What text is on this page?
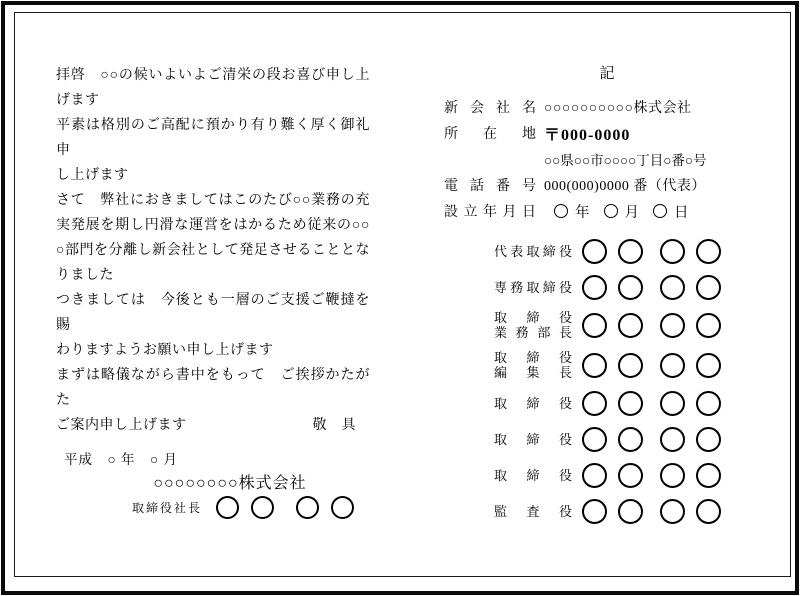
拝啓　○○の候いよいよご清栄の段お喜び申し上
げます
平素は格別のご高配に預かり有り難く厚く御礼申
し上げます
さて　弊社におきましてはこのたび○○業務の充
実発展を期し円滑な運営をはかるため従来の○○
○部門を分離し新会社として発足させることとな
りました
つきましては　今後とも一層のご支援ご鞭撻を賜
わりますようお願い申し上げます
まずは略儀ながら書中をもって　ご挨拶かたがた
ご案内申し上げます	敬　具
平成　○ 年　○ 月
○○○○○○○○株式会社
取締役社長
記
新会社名 ○○○○○○○○○○株式会社
所在地 〒000-0000
○○県○○市○○○○丁目○番○号
電話番号 000(000)0000 番（代表）
設立年月日	年 月 日
代表取締役
専務取締役
取締役
業務部長
取締役
編集長
取締役
取締役
取締役
監査役
